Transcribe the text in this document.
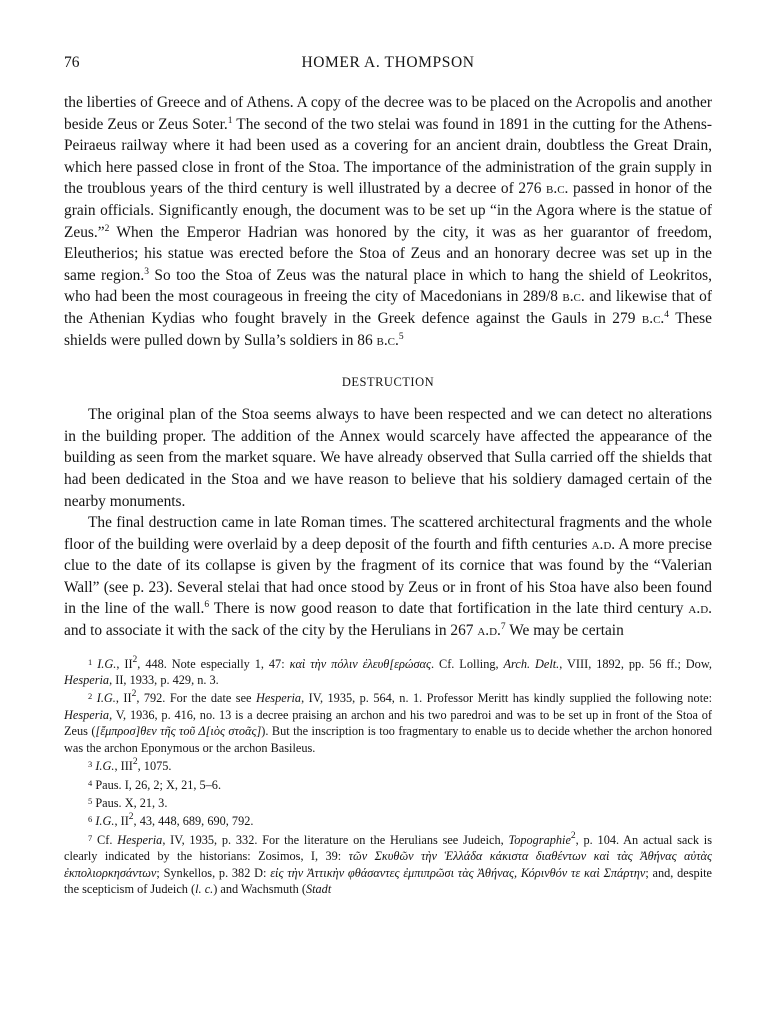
76	HOMER A. THOMPSON

the liberties of Greece and of Athens. A copy of the decree was to be placed on the Acropolis and another beside Zeus or Zeus Soter.$^1$ The second of the two stelai was found in 1891 in the cutting for the Athens-Peiraeus railway where it had been used as a covering for an ancient drain, doubtless the Great Drain, which here passed close in front of the Stoa. The importance of the administration of the grain supply in the troublous years of the third century is well illustrated by a decree of 276 b.c. passed in honor of the grain officials. Significantly enough, the document was to be set up “in the Agora where is the statue of Zeus.”$^2$ When the Emperor Hadrian was honored by the city, it was as her guarantor of freedom, Eleutherios; his statue was erected before the Stoa of Zeus and an honorary decree was set up in the same region.$^3$ So too the Stoa of Zeus was the natural place in which to hang the shield of Leokritos, who had been the most courageous in freeing the city of Macedonians in 289/8 b.c. and likewise that of the Athenian Kydias who fought bravely in the Greek defence against the Gauls in 279 b.c.$^4$ These shields were pulled down by Sulla’s soldiers in 86 b.c.$^5$

DESTRUCTION

The original plan of the Stoa seems always to have been respected and we can detect no alterations in the building proper. The addition of the Annex would scarcely have affected the appearance of the building as seen from the market square. We have already observed that Sulla carried off the shields that had been dedicated in the Stoa and we have reason to believe that his soldiery damaged certain of the nearby monuments.

The final destruction came in late Roman times. The scattered architectural fragments and the whole floor of the building were overlaid by a deep deposit of the fourth and fifth centuries a.d. A more precise clue to the date of its collapse is given by the fragment of its cornice that was found by the “Valerian Wall” (see p. 23). Several stelai that had once stood by Zeus or in front of his Stoa have also been found in the line of the wall.$^6$ There is now good reason to date that fortification in the late third century a.d. and to associate it with the sack of the city by the Herulians in 267 a.d.$^7$ We may be certain

$^1$ I.G., $II^2$, 448. Note especially 1, 47: καὶ τὴν πόλιν ἐλευθ[ερώσας. Cf. Lolling, Arch. Delt., VIII, 1892, pp. 56 ff.; Dow, Hesperia, II, 1933, p. 429, n. 3.

$^2$ I.G., $II^2$, 792. For the date see Hesperia, IV, 1935, p. 564, n. 1. Professor Meritt has kindly supplied the following note: Hesperia, V, 1936, p. 416, no. 13 is a decree praising an archon and his two paredroi and was to be set up in front of the Stoa of Zeus ([ἔμπροσ]θεν τῆς τοῦ Δ[ιὸς στοᾶς]). But the inscription is too fragmentary to enable us to decide whether the archon honored was the archon Eponymous or the archon Basileus.

$^3$ I.G., III$^2$, 1075.

$^4$ Paus. I, 26, 2; X, 21, 5–6.

$^5$ Paus. X, 21, 3.

$^6$ I.G., $II^2$, 43, 448, 689, 690, 792.

$^7$ Cf. Hesperia, IV, 1935, p. 332. For the literature on the Herulians see Judeich, Topographie$^2$, p. 104. An actual sack is clearly indicated by the historians: Zosimos, I, 39: τῶν Σκυθῶν τὴν Ἑλλάδα κάκιστα διαθέντων καὶ τὰς Ἀθήνας αὐτὰς ἐκπολιορκησάντων; Synkellos, p. 382 D: εἰς τὴν Ἀττικὴν φθάσαντες ἐμπιπρῶσι τὰς Ἀθήνας, Κόρινθόν τε καὶ Σπάρτην; and, despite the scepticism of Judeich (l. c.) and Wachsmuth (Stadt
